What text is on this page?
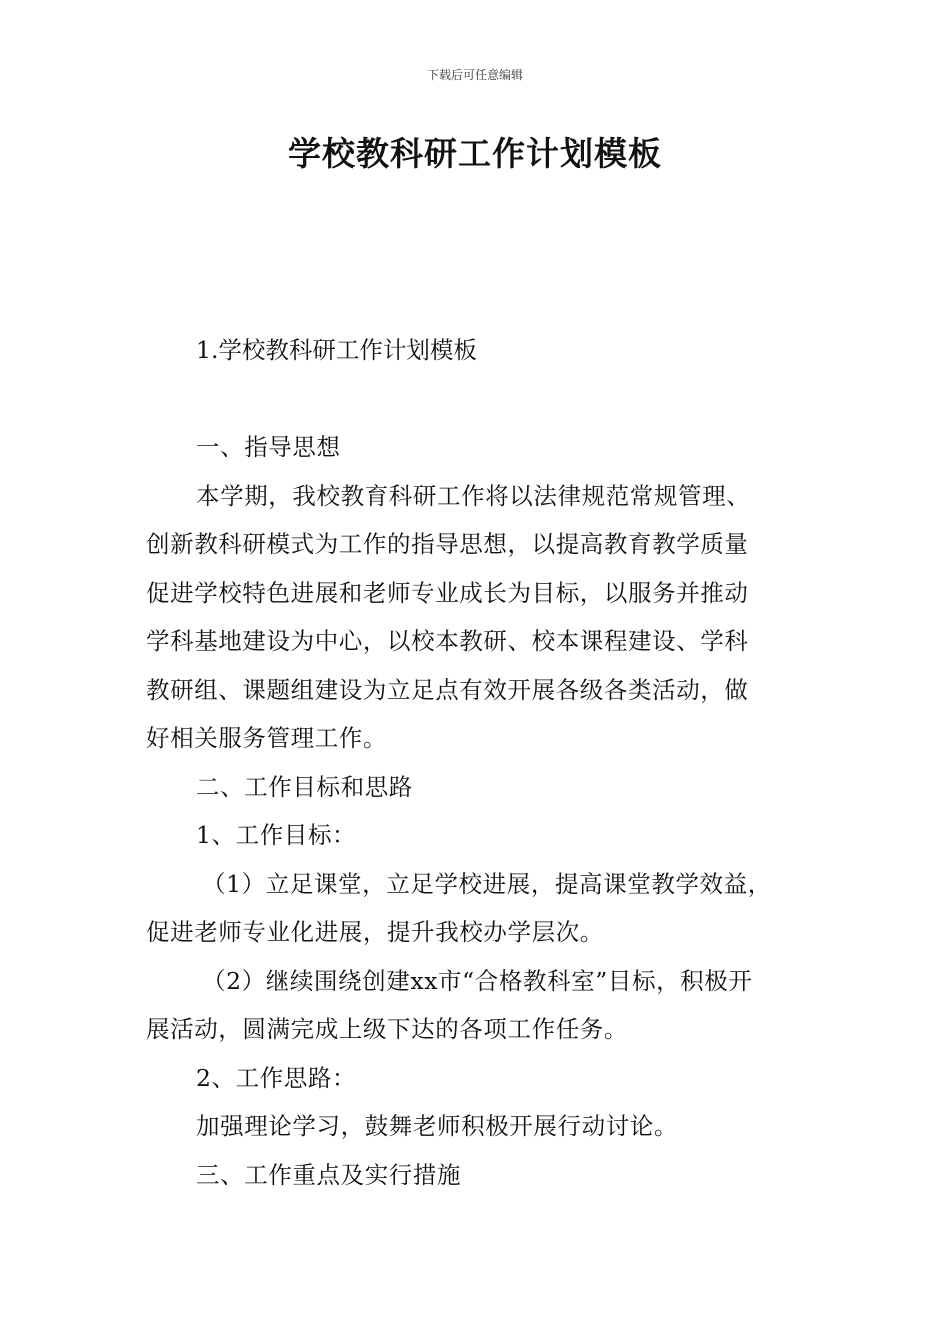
下载后可任意编辑
学校教科研工作计划模板
1.学校教科研工作计划模板
一、指导思想
本学期，我校教育科研工作将以法律规范常规管理、
创新教科研模式为工作的指导思想，以提高教育教学质量
促进学校特色进展和老师专业成长为目标，以服务并推动
学科基地建设为中心，以校本教研、校本课程建设、学科
教研组、课题组建设为立足点有效开展各级各类活动，做
好相关服务管理工作。
二、工作目标和思路
1、工作目标：
（1）立足课堂，立足学校进展，提高课堂教学效益，
促进老师专业化进展，提升我校办学层次。
（2）继续围绕创建xx市“合格教科室”目标，积极开
展活动，圆满完成上级下达的各项工作任务。
2、工作思路：
加强理论学习，鼓舞老师积极开展行动讨论。
三、工作重点及实行措施
